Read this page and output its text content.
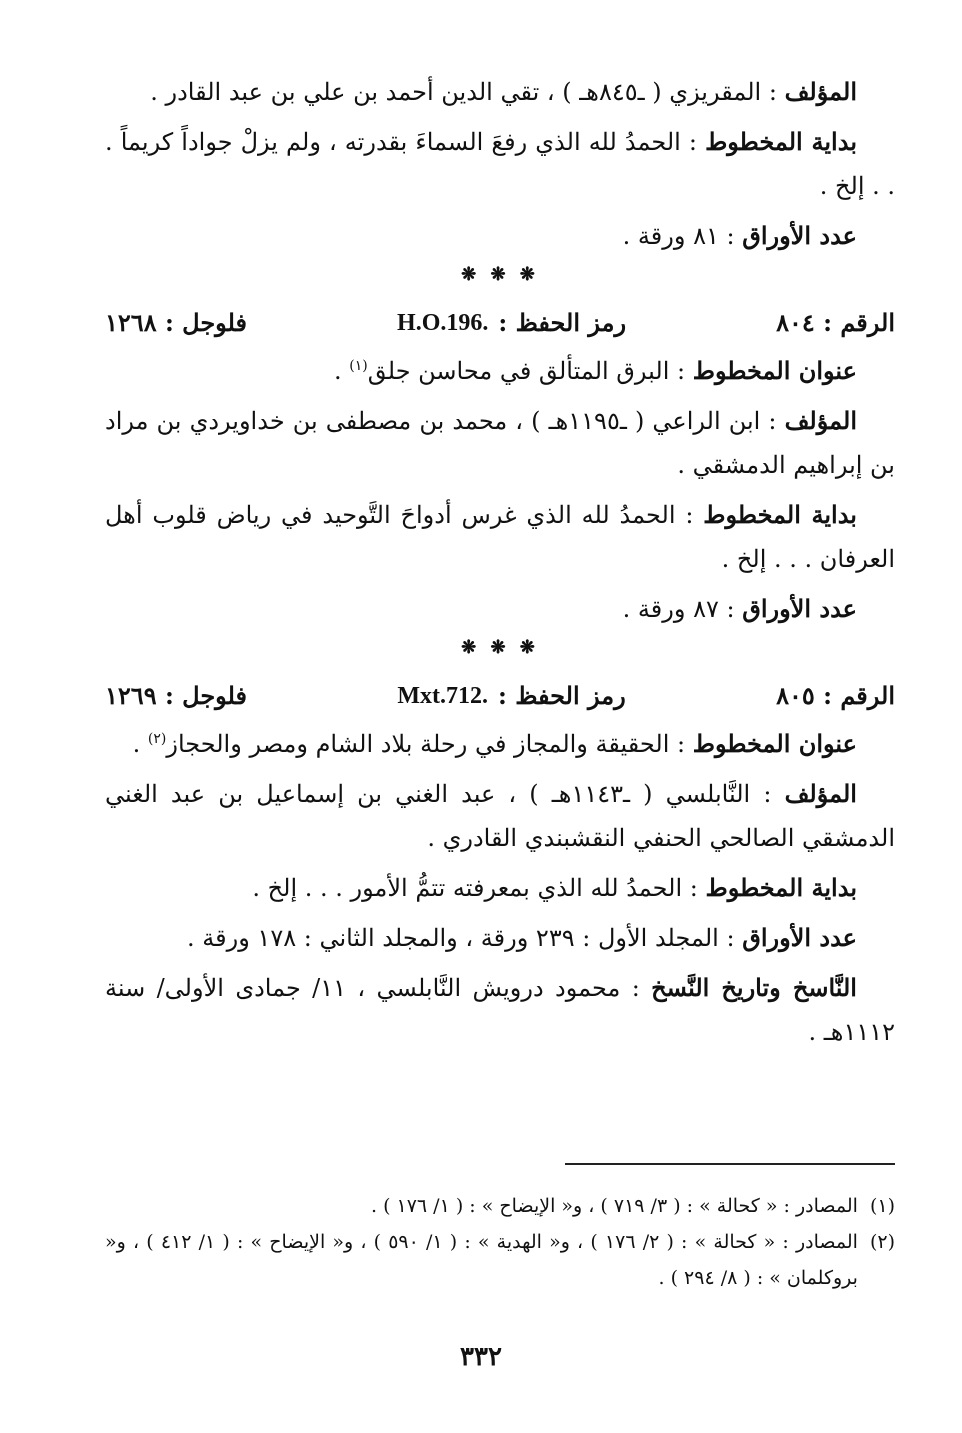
المؤلف : المقريزي ( ـ٨٤٥هـ ) ، تقي الدين أحمد بن علي بن عبد القادر .

بداية المخطوط : الحمدُ لله الذي رفعَ السماءَ بقدرته ، ولم يزلْ جواداً كريماً . . . إلخ .

عدد الأوراق : ٨١ ورقة .

❋ ❋ ❋
الرقم : ٨٠٤
رمز الحفظ :
H.O.196.
فلوجل : ١٢٦٨

عنوان المخطوط : البرق المتألق في محاسن جلق$^{(١)}$ .

المؤلف : ابن الراعي ( ـ١١٩٥هـ ) ، محمد بن مصطفى بن خداويردي بن مراد بن إبراهيم الدمشقي .

بداية المخطوط : الحمدُ لله الذي غرس أدواحَ التَّوحيد في رياض قلوب أهل العرفان . . . إلخ .

عدد الأوراق : ٨٧ ورقة .

❋ ❋ ❋
الرقم : ٨٠٥
رمز الحفظ :
Mxt.712.
فلوجل : ١٢٦٩

عنوان المخطوط : الحقيقة والمجاز في رحلة بلاد الشام ومصر والحجاز$^{(٢)}$ .

المؤلف : النَّابلسي ( ـ١١٤٣هـ ) ، عبد الغني بن إسماعيل بن عبد الغني الدمشقي الصالحي الحنفي النقشبندي القادري .

بداية المخطوط : الحمدُ لله الذي بمعرفته تتمُّ الأمور . . . إلخ .

عدد الأوراق : المجلد الأول : ٢٣٩ ورقة ، والمجلد الثاني : ١٧٨ ورقة .

النَّاسخ وتاريخ النَّسخ : محمود درويش النَّابلسي ، ١١/ جمادى الأولى/ سنة ١١١٢هـ .

(١)
المصادر : « كحالة » : ( ٣/ ٧١٩ ) ، و« الإيضاح » : ( ١/ ١٧٦ ) .
(٢)
المصادر : « كحالة » : ( ٢/ ١٧٦ ) ، و« الهدية » : ( ١/ ٥٩٠ ) ، و« الإيضاح » : ( ١/ ٤١٢ ) ، و« بروكلمان » : ( ٨/ ٢٩٤ ) .
٣٣٢
